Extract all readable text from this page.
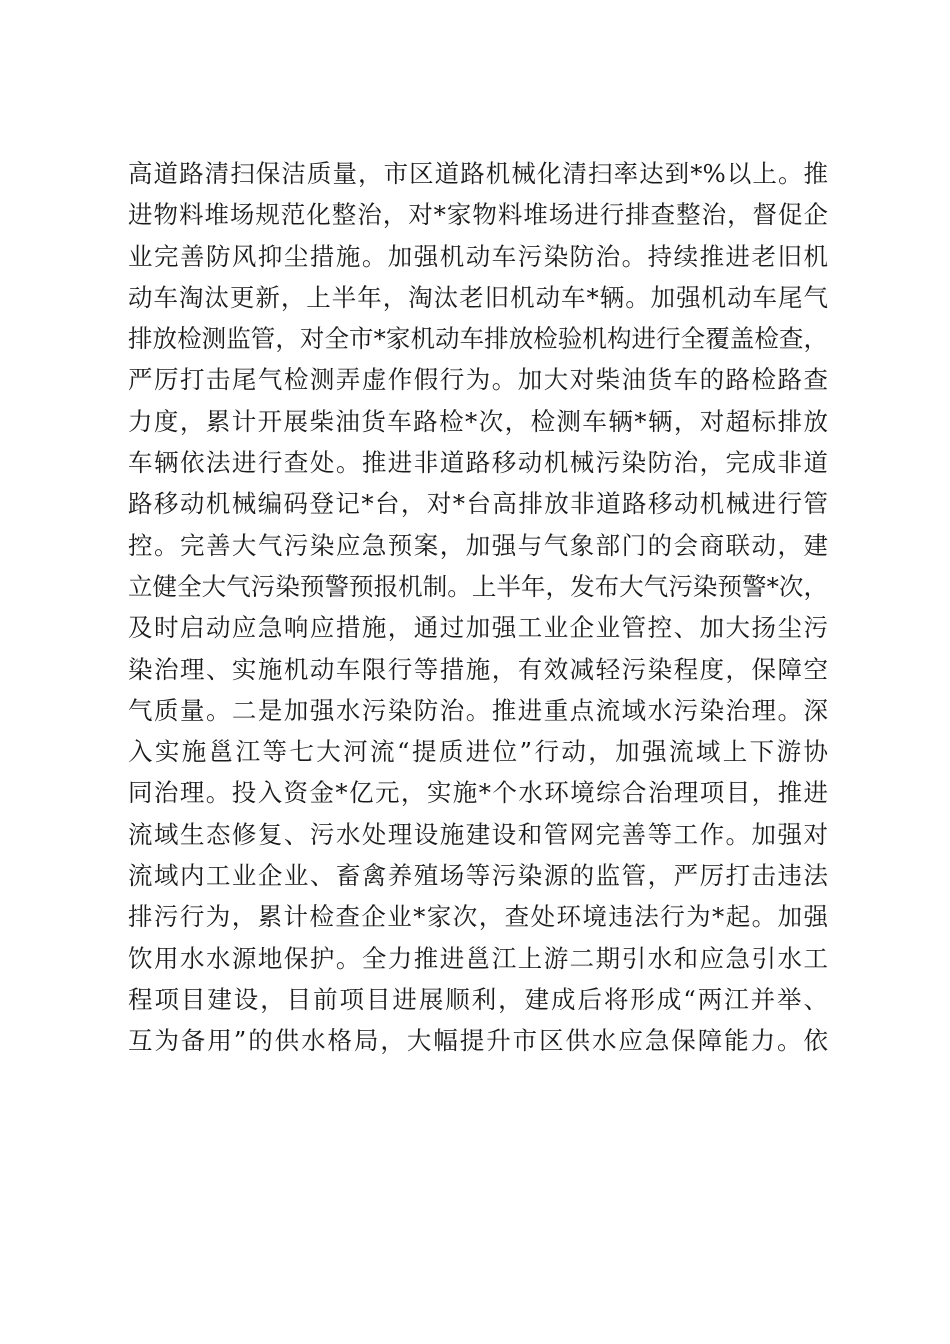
高道路清扫保洁质量，市区道路机械化清扫率达到*%以上。推
进物料堆场规范化整治，对*家物料堆场进行排查整治，督促企
业完善防风抑尘措施。加强机动车污染防治。持续推进老旧机
动车淘汰更新，上半年，淘汰老旧机动车*辆。加强机动车尾气
排放检测监管，对全市*家机动车排放检验机构进行全覆盖检查，
严厉打击尾气检测弄虚作假行为。加大对柴油货车的路检路查
力度，累计开展柴油货车路检*次，检测车辆*辆，对超标排放
车辆依法进行查处。推进非道路移动机械污染防治，完成非道
路移动机械编码登记*台，对*台高排放非道路移动机械进行管
控。完善大气污染应急预案，加强与气象部门的会商联动，建
立健全大气污染预警预报机制。上半年，发布大气污染预警*次，
及时启动应急响应措施，通过加强工业企业管控、加大扬尘污
染治理、实施机动车限行等措施，有效减轻污染程度，保障空
气质量。二是加强水污染防治。推进重点流域水污染治理。深
入实施邕江等七大河流“提质进位”行动，加强流域上下游协
同治理。投入资金*亿元，实施*个水环境综合治理项目，推进
流域生态修复、污水处理设施建设和管网完善等工作。加强对
流域内工业企业、畜禽养殖场等污染源的监管，严厉打击违法
排污行为，累计检查企业*家次，查处环境违法行为*起。加强
饮用水水源地保护。全力推进邕江上游二期引水和应急引水工
程项目建设，目前项目进展顺利，建成后将形成“两江并举、
互为备用”的供水格局，大幅提升市区供水应急保障能力。依
